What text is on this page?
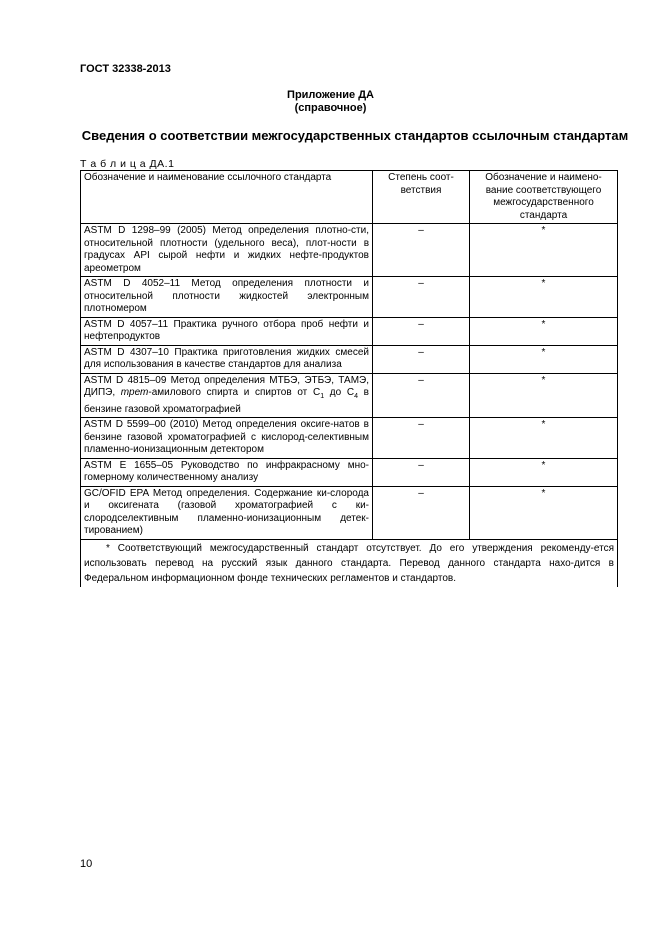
ГОСТ 32338-2013
Приложение ДА
(справочное)
Сведения о соответствии межгосударственных стандартов ссылочным стандартам
Т а б л и ц а ДА.1
Обозначение и наименование ссылочного стандарта	Степень соот-ветствия	Обозначение и наимено-вание соответствующего межгосударственного стандарта
ASTM D 1298–99 (2005) Метод определения плотно-сти, относительной плотности (удельного веса), плот-ности в градусах API сырой нефти и жидких нефте-продуктов ареометром	–	*
ASTM D 4052–11 Метод определения плотности и относительной плотности жидкостей электронным плотномером	–	*
ASTM D 4057–11 Практика ручного отбора проб нефти и нефтепродуктов	–	*
ASTM D 4307–10 Практика приготовления жидких смесей для использования в качестве стандартов для анализа	–	*
ASTM D 4815–09 Метод определения МТБЭ, ЭТБЭ, ТАМЭ, ДИПЭ, трет-амилового спирта и спиртов от $C_1$ до $C_4$ в бензине газовой хроматографией	–	*
ASTM D 5599–00 (2010) Метод определения оксиге-натов в бензине газовой хроматографией с кислород-селективным пламенно-ионизационным детектором	–	*
ASTM E 1655–05 Руководство по инфракрасному мно-гомерному количественному анализу	–	*
GC/OFID EPA Метод определения. Содержание ки-слорода и оксигената (газовой хроматографией с ки-слородселективным пламенно-ионизационным детек-тированием)	–	*
* Соответствующий межгосударственный стандарт отсутствует. До его утверждения рекоменду-ется использовать перевод на русский язык данного стандарта. Перевод данного стандарта нахо-дится в Федеральном информационном фонде технических регламентов и стандартов.		
10
